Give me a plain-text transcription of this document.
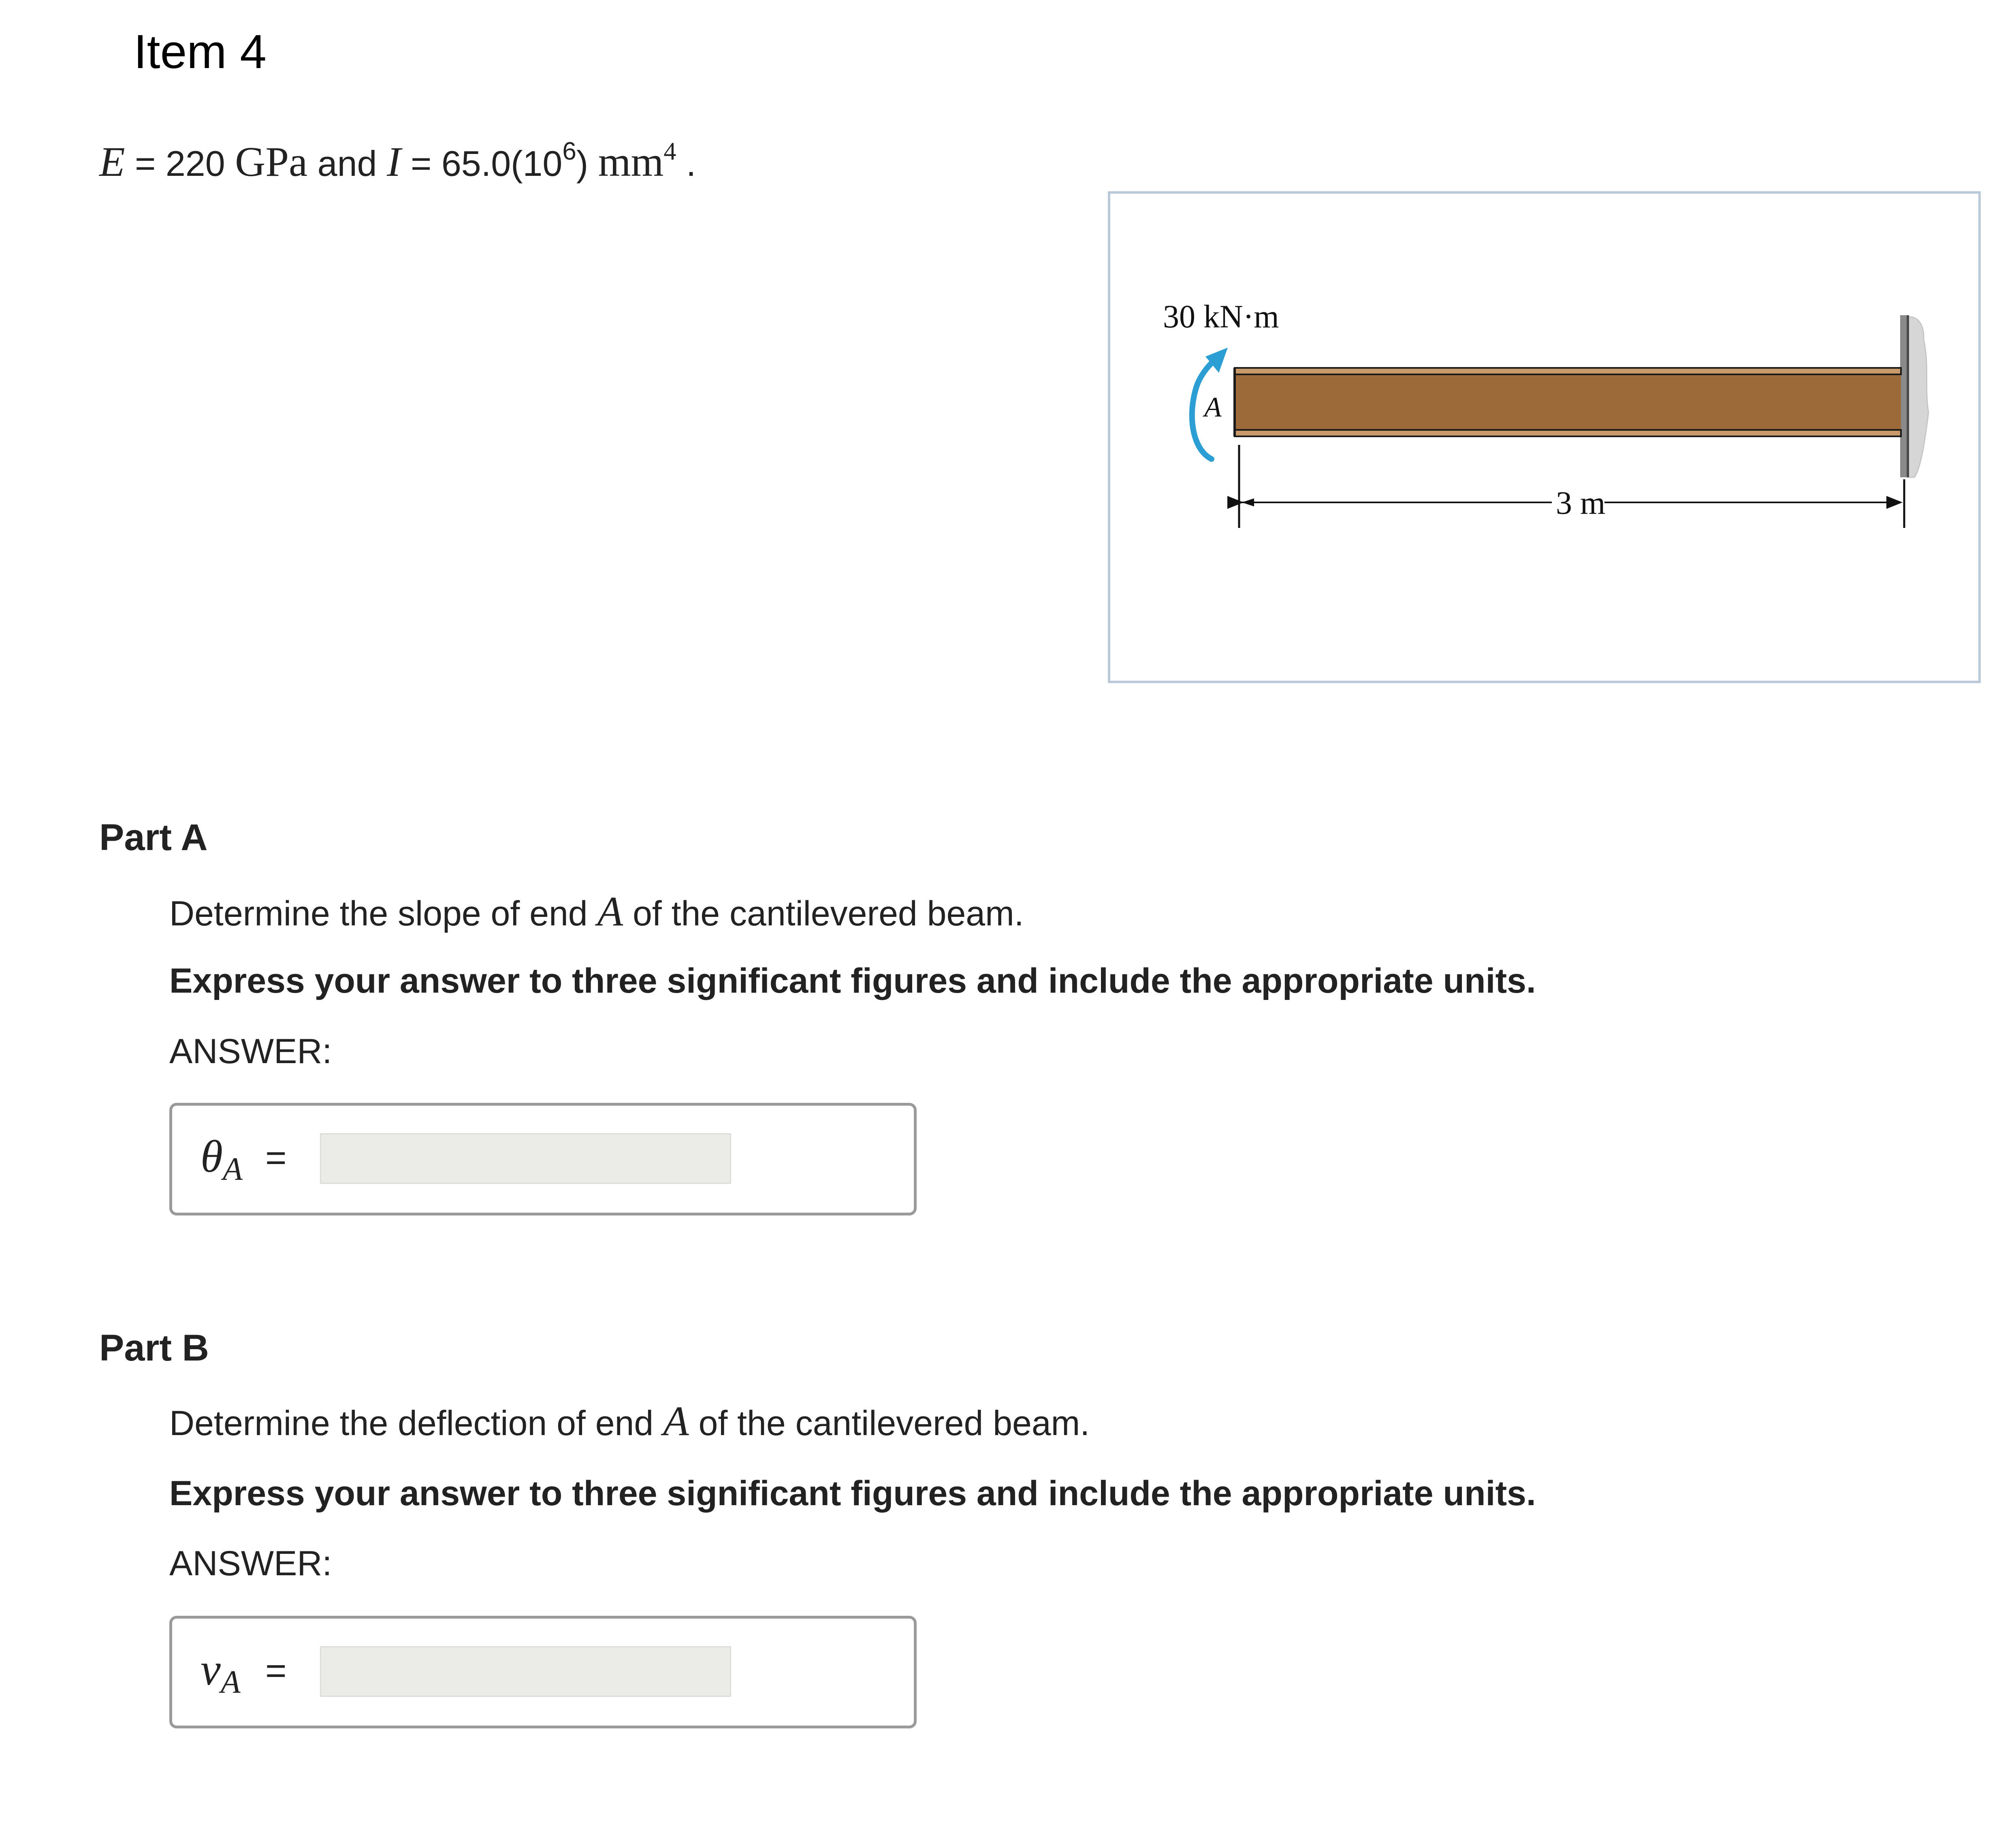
Item 4
E = 220 GPa and $I = 65.0(10^6)$ $mm^4$ .
30 kN·m
A
3 m
Part A
Determine the slope of end A of the cantilevered beam.
Express your answer to three significant figures and include the appropriate units.
ANSWER:
$\theta_A$ =
Part B
Determine the deflection of end A of the cantilevered beam.
Express your answer to three significant figures and include the appropriate units.
ANSWER:
$v_A$ =
